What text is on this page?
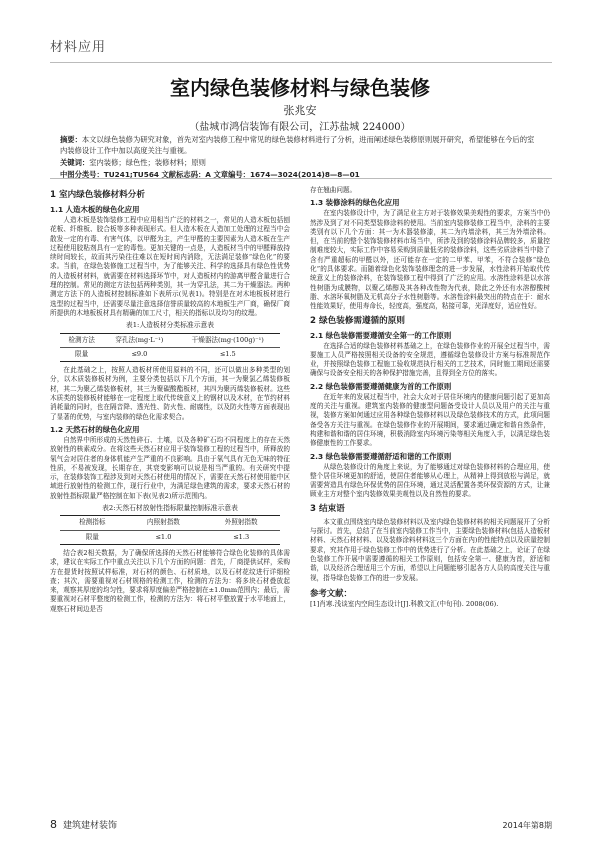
材料应用
室内绿色装修材料与绿色装修
张兆安
（盐城市鸿信装饰有限公司，江苏盐城 224000）

摘要：本文以绿色装修为研究对象，首先对室内装修工程中常见的绿色装修材料进行了分析，进而阐述绿色装修原则展开研究，希望能够在今后的室内装修设计工作中加以高度关注与重视。

关键词：室内装修；绿色性；装修材料；原则

中图分类号：TU241;TU564 文献标志码：A 文章编号：1674—3024(2014)8—8—01

1 室内绿色装修材料分析
1.1 人造木板的绿色化应用

人造木板是装饰装修工程中应用相当广泛的材料之一，常见的人造木板包括刨花板、纤维板、胶合板等多种表现形式。但人造木板在人造加工处理的过程当中会散发一定的有毒、有害气体，以甲醛为主，产生甲醛的主要因素为人造木板在生产过程使用胶粘剂具有一定的毒性。更加关键的一点是，人造板材当中的甲醛释放持续时间较长，故而其污染往往难以在短时间内消除，无法满足装修“绿色化”的要求。当前，在绿色装修施工过程当中，为了能够关注、科学的选择具有绿色性优势的人造板材材料，就需要在材料选择环节中，对人造板材内的游离甲醛含量进行合理的控制。常见的测定方法包括两种类别，其一为穿孔法，其二为干燥器法。两种测定方法下的人造板材控制标准如下表所示(见表1)。特别是在对木地板板材进行选型的过程当中，还需要尽量注意选择信誉质量较高的木地板生产厂商，确保厂商所提供的木地板板材具有精确的加工尺寸，相关的指标以及均匀的纹理。

表1:人造板材分类标准示意表
检测方法	穿孔法(mg·L⁻¹)	干燥器法(mg·(100g)⁻¹)
限量	≤9.0	≤1.5

在此基础之上，按照人造板材所使用原料的不同，还可以做出多种类型的划分，以木质装修板材为例，主要分类包括以下几个方面，其一为聚氯乙烯装修板材，其二为聚乙烯装修板材，其三为聚碳酸酯板材，其四为聚丙烯装修板材。这些木质类的装修板材能够在一定程度上取代传统意义上的钢材以及木材，在节约材料消耗量的同时，也在隔音降、透光性、防火性、耐腐性，以及防火性等方面表现出了显著的优势，与室内装修的绿色化需求契合。

1.2 天然石材的绿色化应用

自然界中所形成的天然性碎石、土壤，以及各种矿石均不同程度上的存在天然放射性的核素成分。在将这些天然石材应用于装饰装修工程的过程当中，所释放的氡气会对居住者的身体机能产生严重的不良影响。具由于氡气具有无色无味的特征性质，不易被发现，长期存在，其衰变影响可以说是相当严重的。有关研究中提示，在装修装饰工程涉及到对天然石材使用的情况下，需要在天然石材使用能中区域进行放射性的检测工作，现行行业中，为满足绿色建筑的需求，要求天然石材的放射性指标限量严格控制在如下表(见表2)所示范围内。

表2:天然石材放射性指标限量控制标准示意表
检测指标	内照射指数	外照射指数
限量	≤1.0	≤1.3

结合表2相关数据，为了确保所选择的天然石材能够符合绿色化装修的具体需求，建议在实际工作中重点关注以下几个方面的问题：首先，厂商提供试样，采购方在提货时按照试样标准，对石材的颜色、石材质地，以及石材花纹进行详细检查；其次，需要重视对石材规格的检测工作，检测的方法为：将多块石材叠放起来，观察其厚度的均匀性，要求将厚度偏差严格控制在±1.0mm范围内；最后，需要重视对石材平整度的检测工作，检测的方法为：将石材平整放置于水平地面上，观察石材间边是否

存在翘曲问题。

1.3 装修涂料的绿色化应用

在室内装修设计中，为了满足业主方对于装修效果美观性的要求，方案当中仍然涉及到了对不同类型装修涂料的使用。当前室内装修装修工程当中，涂料的主要类别有以下几个方面：其一为木器装修漆，其二为内墙涂料，其三为外墙涂料。但，在当前的整个装饰装修材料市场当中，所涉及到的装修涂料品牌较多，质量控制难度较大，实际工作中容易采购到质量低劣的装修涂料，这些劣质涂料当中除了含有严重超标的甲醛以外，还可能存在一定的二甲苯、甲苯，不符合装修“绿色化”的具体要求。而随着绿色化装饰装修理念的进一步发展，水性涂料开始取代传统意义上的装修涂料，在装饰装修工程中得到了广泛的应用。水溶性涂料是以水溶性树脂为成膜物，以聚乙烯醇及其各种改性物为代表，除此之外还有水溶醇酸树脂、水溶环氧树脂及无机高分子水性树脂等。水溶性涂料最突出的特点在于：耐水性能效果好，使用寿命长，轻度高，强度高，粘接可靠，光泽度好，适应性好。

2 绿色装修需遵循的原则
2.1 绿色装修需要遵循安全第一的工作原则

在选择合适的绿色装修材料基础之上，在绿色装修作业的开展全过程当中，需要施工人员严格按照相关设备的安全规范，遵循绿色装修设计方案与标准规范作业，并按照绿色装修工程施工验收规范执行相关的工艺技术，同时施工期间还需要确保与设备安全相关的各种保护措施完善，且得到全方位的落实。

2.2 绿色装修需要遵循健康为首的工作原则

在近年来的发展过程当中，社会大众对于居住环境内的健康问题引起了更加高度的关注与重视。建筑室内装修的健康型问题备受设计人员以及用户的关注与重视，装修方案如何通过应用各种绿色装修材料以及绿色装修技术的方式，此项问题备受各方关注与重视。在绿色装修作业的开展期间，要求通过确定和谐自然条件，构建和谐和谐的居住环境，积极消除室内环境污染等相关角度入手，以满足绿色装修健康性的工作要求。

2.3 绿色装修需要遵循舒适和谐的工作原则

从绿色装修设计的角度上来说，为了能够通过对绿色装修材料的合理应用，使整个居住环境更加的舒适，使居住者能够从心理上，从精神上得到放松与满足，就需要营造具有绿色环保优势的居住环境，通过灵活配置各类环保资源的方式，让兼顾业主方对整个室内装修效果美观性以及自然性的要求。

3 结束语

本文重点围绕室内绿色装修材料以及室内绿色装修材料的相关问题展开了分析与探讨。首先，总结了在当前室内装修工作当中，主要绿色装修材料(包括人造板材材料、天然石材材料、以及装修涂料材料这三个方面在内)的性能特点以及质量控制要求，究其作用于绿色装修工作中的优势进行了分析。在此基础之上，论证了在绿色装修工作开展中需要遵循的相关工作原则，包括安全第一、健康为首，舒适和谐，以及经济合理适用三个方面，希望以上问题能够引起各方人员的高度关注与重视，指导绿色装修工作的进一步发展。

参考文献：
[1]肖寒.浅谈室内空间生态设计[J].科教文汇(中旬刊). 2008(06).
8 建筑建材装饰	2014年第8期
